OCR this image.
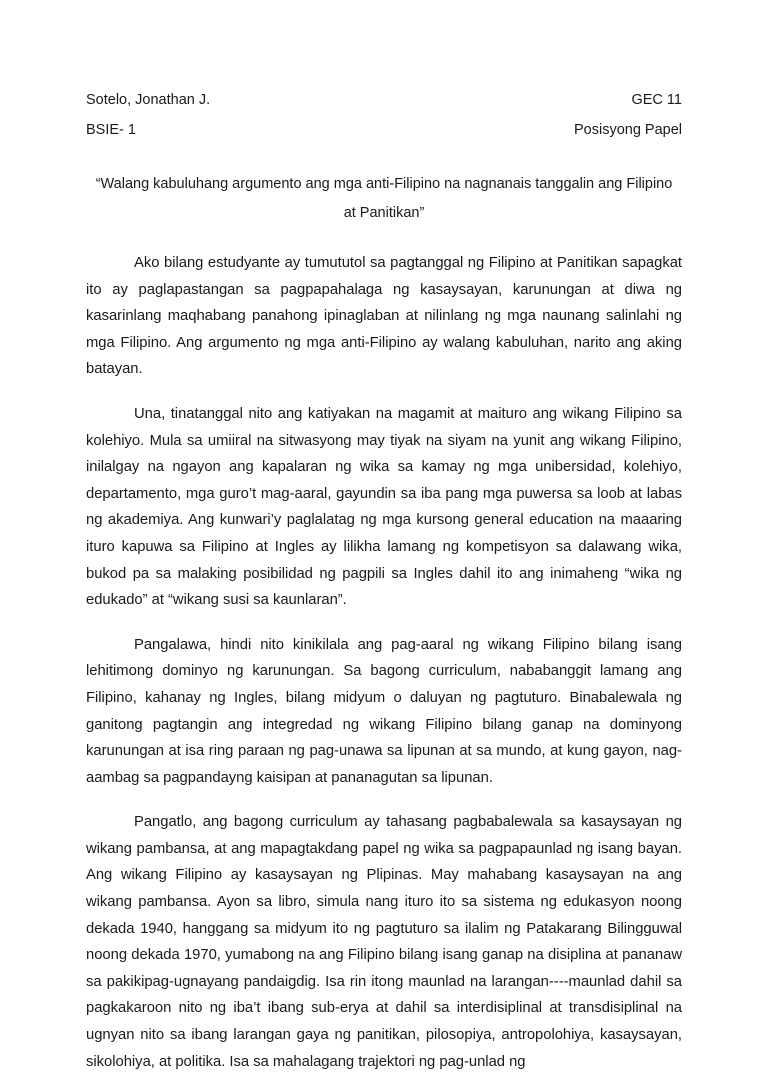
Sotelo, Jonathan J.	GEC 11
BSIE- 1	Posisyong Papel
“Walang kabuluhang argumento ang mga anti-Filipino na nagnanais tanggalin ang Filipino at Panitikan”

Ako bilang estudyante ay tumututol sa pagtanggal ng Filipino at Panitikan sapagkat ito ay paglapastangan sa pagpapahalaga ng kasaysayan, karunungan at diwa ng kasarinlang maqhabang panahong ipinaglaban at nilinlang ng mga naunang salinlahi ng mga Filipino. Ang argumento ng mga anti-Filipino ay walang kabuluhan, narito ang aking batayan.

Una, tinatanggal nito ang katiyakan na magamit at maituro ang wikang Filipino sa kolehiyo. Mula sa umiiral na sitwasyong may tiyak na siyam na yunit ang wikang Filipino, inilalgay na ngayon ang kapalaran ng wika sa kamay ng mga unibersidad, kolehiyo, departamento, mga guro’t mag-aaral, gayundin sa iba pang mga puwersa sa loob at labas ng akademiya. Ang kunwari’y paglalatag ng mga kursong general education na maaaring ituro kapuwa sa Filipino at Ingles ay lilikha lamang ng kompetisyon sa dalawang wika, bukod pa sa malaking posibilidad ng pagpili sa Ingles dahil ito ang inimaheng “wika ng edukado” at “wikang susi sa kaunlaran”.

Pangalawa, hindi nito kinikilala ang pag-aaral ng wikang Filipino bilang isang lehitimong dominyo ng karunungan. Sa bagong curriculum, nababanggit lamang ang Filipino, kahanay ng Ingles, bilang midyum o daluyan ng pagtuturo. Binabalewala ng ganitong pagtangin ang integredad ng wikang Filipino bilang ganap na dominyong karunungan at isa ring paraan ng pag-unawa sa lipunan at sa mundo, at kung gayon, nag-aambag sa pagpandayng kaisipan at pananagutan sa lipunan.

Pangatlo, ang bagong curriculum ay tahasang pagbabalewala sa kasaysayan ng wikang pambansa, at ang mapagtakdang papel ng wika sa pagpapaunlad ng isang bayan. Ang wikang Filipino ay kasaysayan ng Plipinas. May mahabang kasaysayan na ang wikang pambansa. Ayon sa libro, simula nang ituro ito sa sistema ng edukasyon noong dekada 1940, hanggang sa midyum ito ng pagtuturo sa ilalim ng Patakarang Bilingguwal noong dekada 1970, yumabong na ang Filipino bilang isang ganap na disiplina at pananaw sa pakikipag-ugnayang pandaigdig. Isa rin itong maunlad na larangan----maunlad dahil sa pagkakaroon nito ng iba’t ibang sub-erya at dahil sa interdisiplinal at transdisiplinal na ugnyan nito sa ibang larangan gaya ng panitikan, pilosopiya, antropolohiya, kasaysayan, sikolohiya, at politika. Isa sa mahalagang trajektori ng pag-unlad ng
